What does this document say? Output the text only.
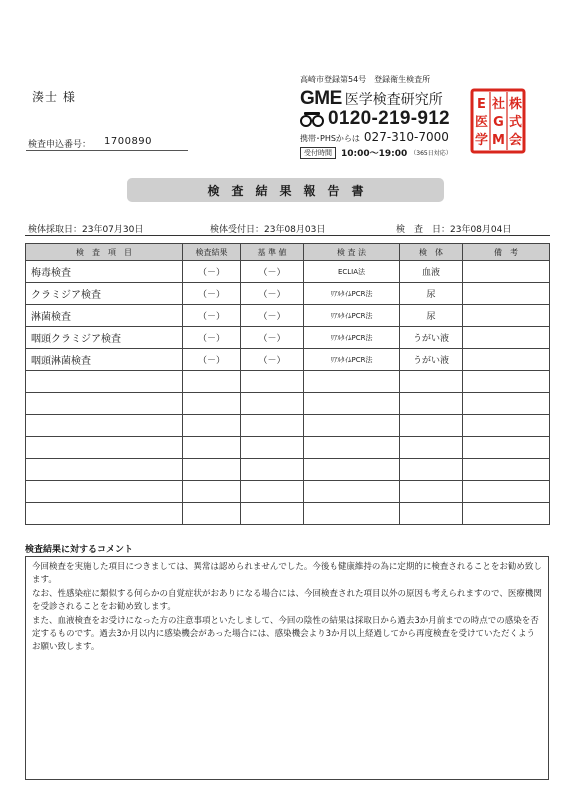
湊士 様
検査申込番号： 1700890
高崎市登録第54号　登録衛生検査所
GME 医学検査研究所
0120-219-912
携帯･PHSからは 027-310-7000
受付時間	10:00～19:00 （365日対応）
株
式
会
社
G
M
E
医
学
検査結果報告書
検体採取日：23年07月30日	検体受付日：23年08月03日	検　査　日：23年08月04日
検　査　項　目	検査結果	基 準 値	検 査 法	検　体	備　考
梅毒検査	（－）	（－）	ECLIA法	血液	
クラミジア検査	（－）	（－）	ﾘｱﾙﾀｲﾑPCR法	尿	
淋菌検査	（－）	（－）	ﾘｱﾙﾀｲﾑPCR法	尿	
咽頭クラミジア検査	（－）	（－）	ﾘｱﾙﾀｲﾑPCR法	うがい液	
咽頭淋菌検査	（－）	（－）	ﾘｱﾙﾀｲﾑPCR法	うがい液	

検査結果に対するコメント

今回検査を実施した項目につきましては、異常は認められませんでした。今後も健康維持の為に定期的に検査されることをお勧め致します。

なお、性感染症に類似する何らかの自覚症状がおありになる場合には、今回検査された項目以外の原因も考えられますので、医療機関を受診されることをお勧め致します。

また、血液検査をお受けになった方の注意事項といたしまして、今回の陰性の結果は採取日から過去3か月前までの時点での感染を否定するものです。過去3か月以内に感染機会があった場合には、感染機会より3か月以上経過してから再度検査を受けていただくようお願い致します。
